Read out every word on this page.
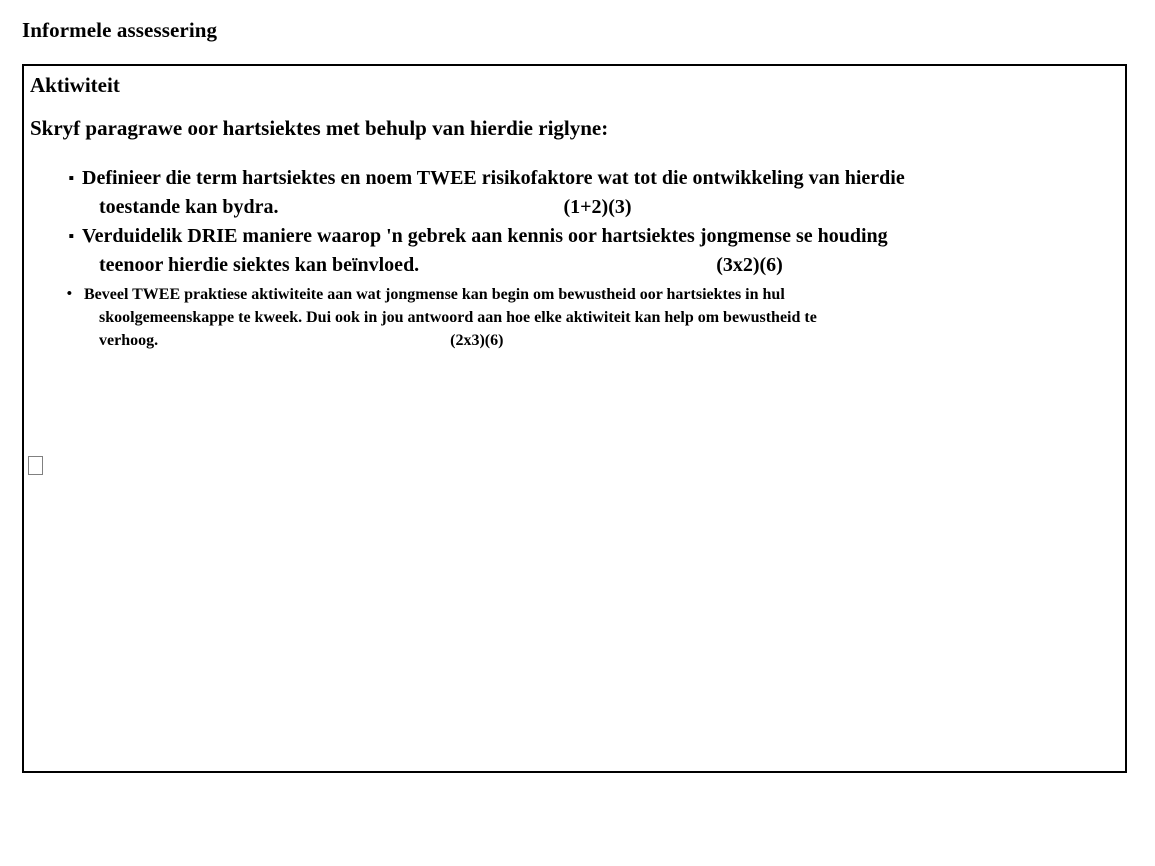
Informele assessering
Aktiwiteit
Skryf paragrawe oor hartsiektes met behulp van hierdie riglyne:
▪ Definieer die term hartsiektes en noem TWEE risikofaktore wat tot die ontwikkeling van hierdie
toestande kan bydra.	(1+2)(3)
▪ Verduidelik DRIE maniere waarop 'n gebrek aan kennis oor hartsiektes jongmense se houding
teenoor hierdie siektes kan beïnvloed.	(3x2)(6)
• Beveel TWEE praktiese aktiwiteite aan wat jongmense kan begin om bewustheid oor hartsiektes in hul
skoolgemeenskappe te kweek. Dui ook in jou antwoord aan hoe elke aktiwiteit kan help om bewustheid te
verhoog.	(2x3)(6)
